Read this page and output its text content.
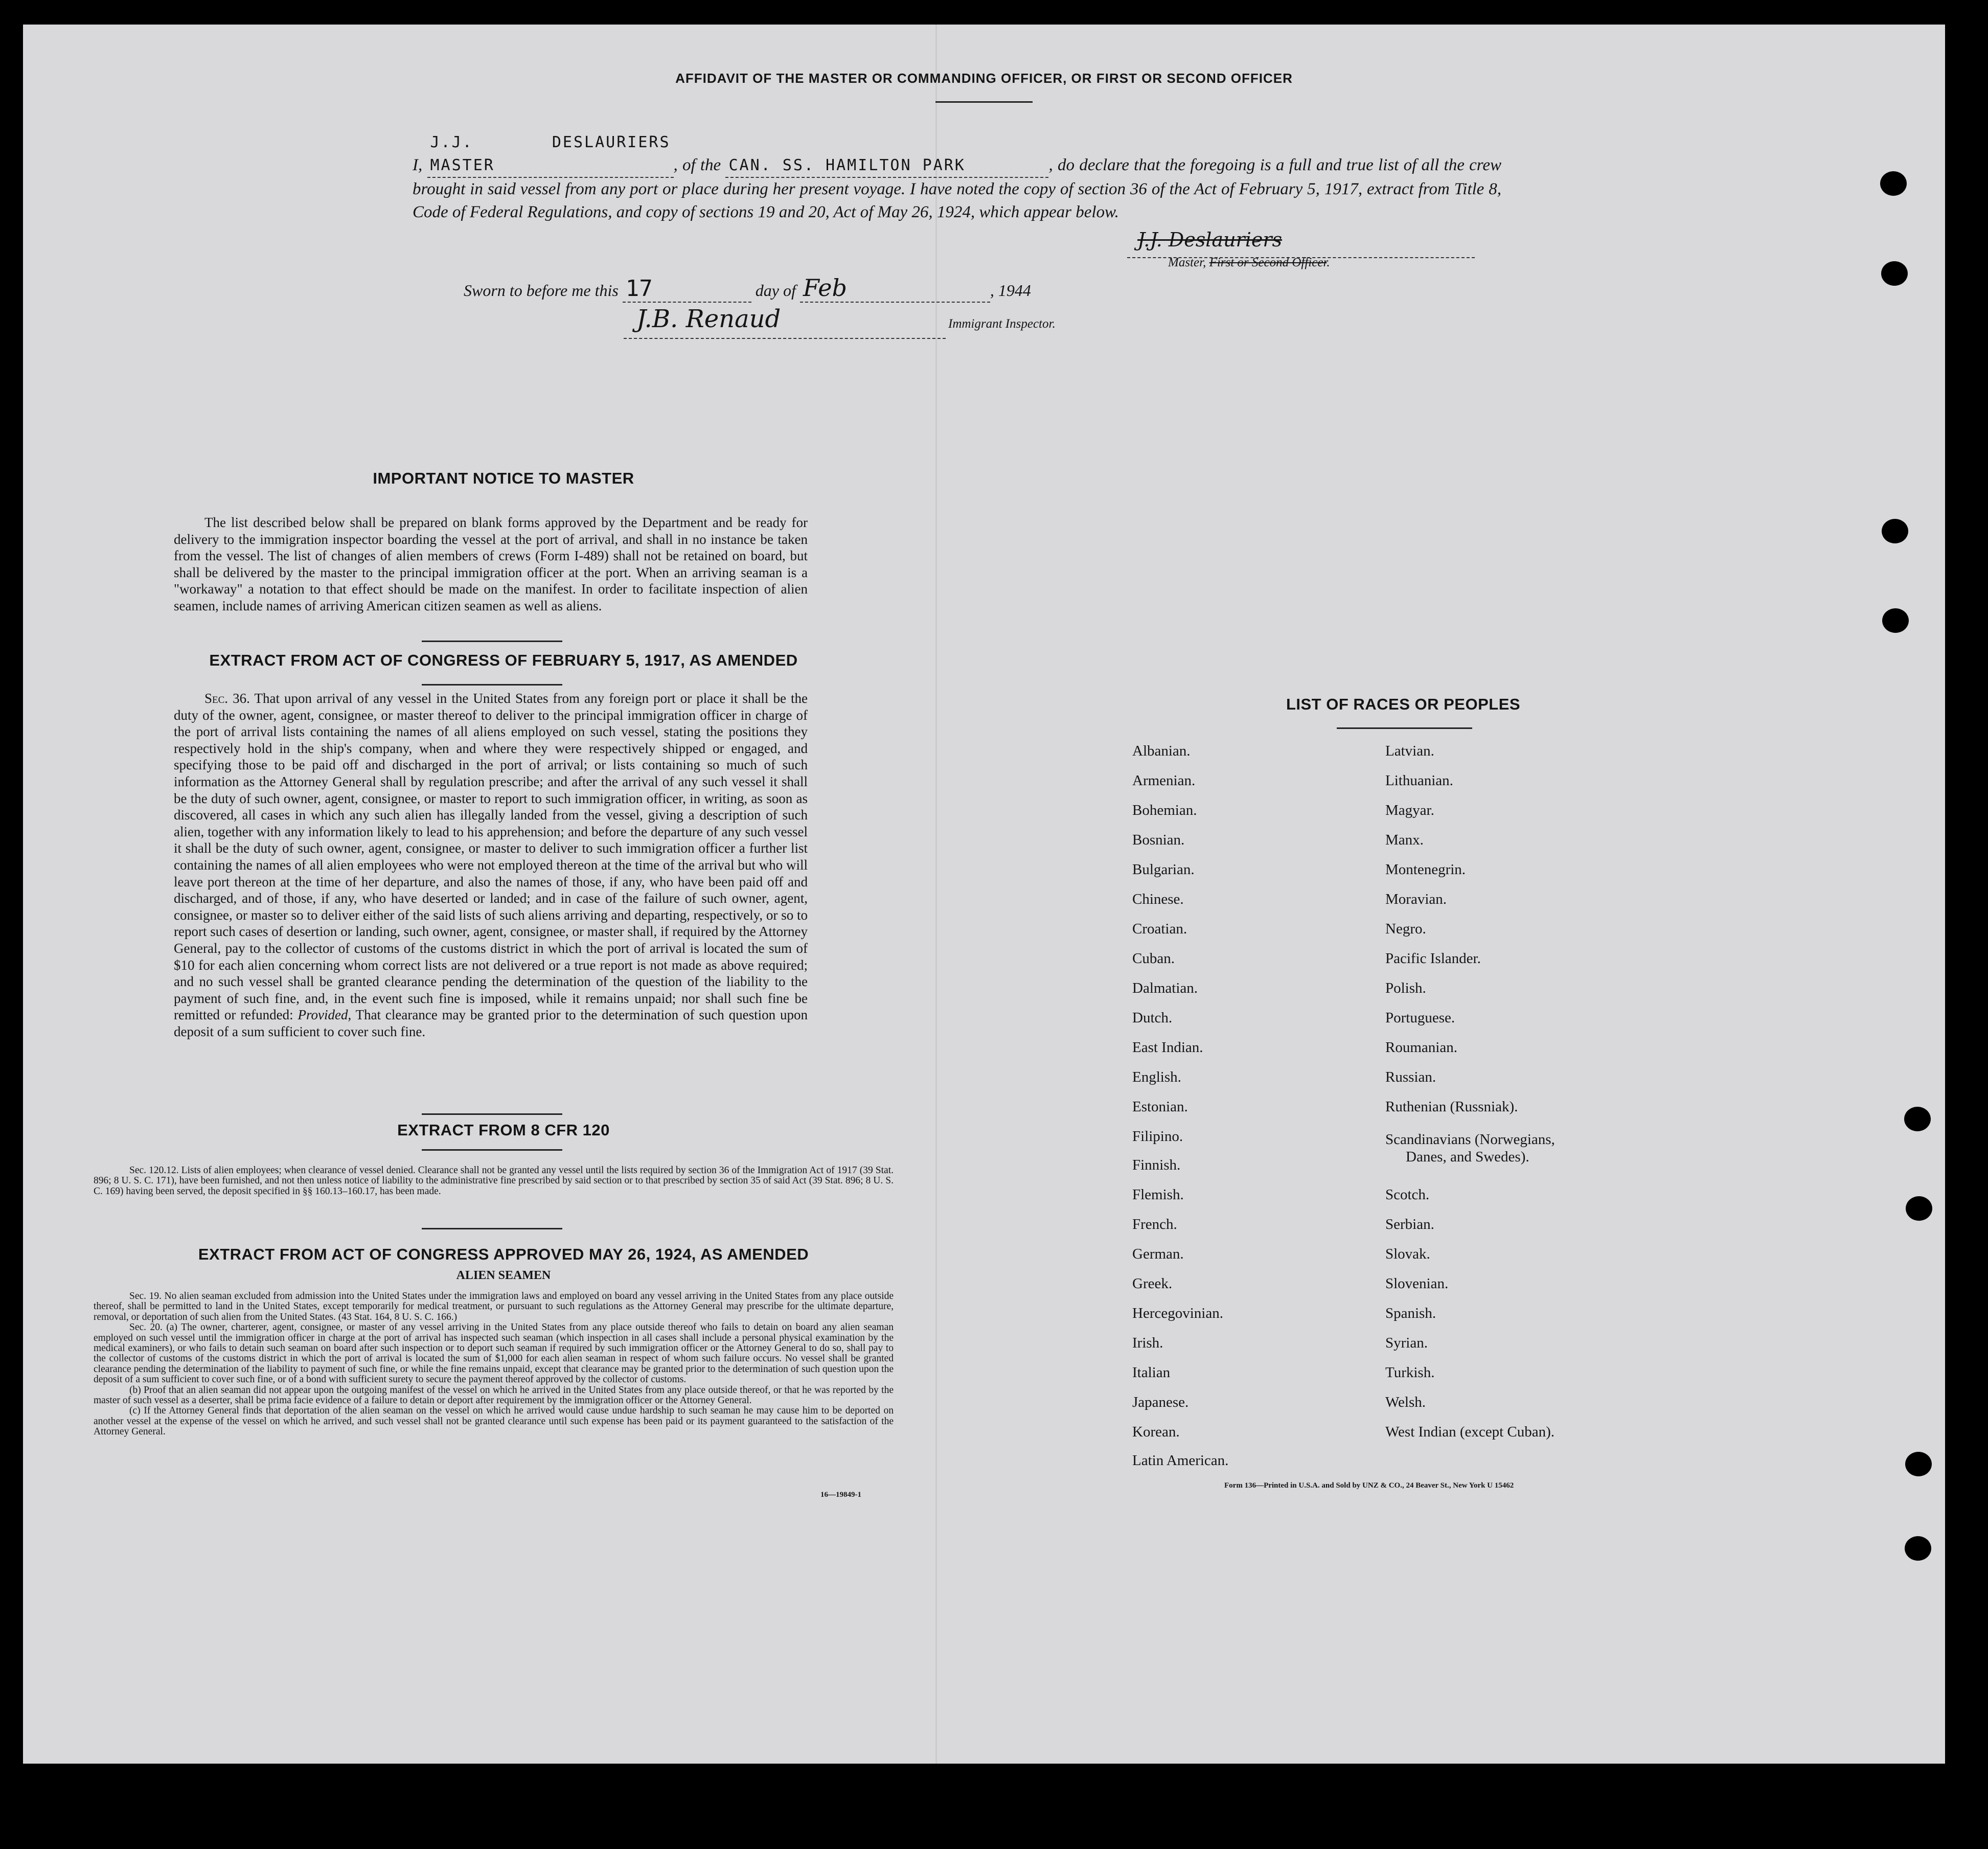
AFFIDAVIT OF THE MASTER OR COMMANDING OFFICER, OR FIRST OR SECOND OFFICER
I, J.J. DESLAURIERS MASTER	, of the CAN. SS. HAMILTON PARK	, do declare that the foregoing is a full and true list of all the crew brought in said vessel from any port or place during her present voyage. I have noted the copy of section 36 of the Act of February 5, 1917, extract from Title 8, Code of Federal Regulations, and copy of sections 19 and 20, Act of May 26, 1924, which appear below.
J.J. Deslauriers
Master, First or Second Officer.
Sworn to before me this 17	day of Feb	, 1944
J.B. Renaud	Immigrant Inspector.
IMPORTANT NOTICE TO MASTER
The list described below shall be prepared on blank forms approved by the Department and be ready for delivery to the immigration inspector boarding the vessel at the port of arrival, and shall in no instance be taken from the vessel. The list of changes of alien members of crews (Form I-489) shall not be retained on board, but shall be delivered by the master to the principal immigration officer at the port. When an arriving seaman is a "workaway" a notation to that effect should be made on the manifest. In order to facilitate inspection of alien seamen, include names of arriving American citizen seamen as well as aliens.
EXTRACT FROM ACT OF CONGRESS OF FEBRUARY 5, 1917, AS AMENDED
Sec. 36. That upon arrival of any vessel in the United States from any foreign port or place it shall be the duty of the owner, agent, consignee, or master thereof to deliver to the principal immigration officer in charge of the port of arrival lists containing the names of all aliens employed on such vessel, stating the positions they respectively hold in the ship's company, when and where they were respectively shipped or engaged, and specifying those to be paid off and discharged in the port of arrival; or lists containing so much of such information as the Attorney General shall by regulation prescribe; and after the arrival of any such vessel it shall be the duty of such owner, agent, consignee, or master to report to such immigration officer, in writing, as soon as discovered, all cases in which any such alien has illegally landed from the vessel, giving a description of such alien, together with any information likely to lead to his apprehension; and before the departure of any such vessel it shall be the duty of such owner, agent, consignee, or master to deliver to such immigration officer a further list containing the names of all alien employees who were not employed thereon at the time of the arrival but who will leave port thereon at the time of her departure, and also the names of those, if any, who have been paid off and discharged, and of those, if any, who have deserted or landed; and in case of the failure of such owner, agent, consignee, or master so to deliver either of the said lists of such aliens arriving and departing, respectively, or so to report such cases of desertion or landing, such owner, agent, consignee, or master shall, if required by the Attorney General, pay to the collector of customs of the customs district in which the port of arrival is located the sum of $10 for each alien concerning whom correct lists are not delivered or a true report is not made as above required; and no such vessel shall be granted clearance pending the determination of the question of the liability to the payment of such fine, and, in the event such fine is imposed, while it remains unpaid; nor shall such fine be remitted or refunded: Provided, That clearance may be granted prior to the determination of such question upon deposit of a sum sufficient to cover such fine.
EXTRACT FROM 8 CFR 120
Sec. 120.12. Lists of alien employees; when clearance of vessel denied. Clearance shall not be granted any vessel until the lists required by section 36 of the Immigration Act of 1917 (39 Stat. 896; 8 U. S. C. 171), have been furnished, and not then unless notice of liability to the administrative fine prescribed by said section or to that prescribed by section 35 of said Act (39 Stat. 896; 8 U. S. C. 169) having been served, the deposit specified in §§ 160.13–160.17, has been made.
EXTRACT FROM ACT OF CONGRESS APPROVED MAY 26, 1924, AS AMENDED
ALIEN SEAMEN
Sec. 19. No alien seaman excluded from admission into the United States under the immigration laws and employed on board any vessel arriving in the United States from any place outside thereof, shall be permitted to land in the United States, except temporarily for medical treatment, or pursuant to such regulations as the Attorney General may prescribe for the ultimate departure, removal, or deportation of such alien from the United States. (43 Stat. 164, 8 U. S. C. 166.)
Sec. 20. (a) The owner, charterer, agent, consignee, or master of any vessel arriving in the United States from any place outside thereof who fails to detain on board any alien seaman employed on such vessel until the immigration officer in charge at the port of arrival has inspected such seaman (which inspection in all cases shall include a personal physical examination by the medical examiners), or who fails to detain such seaman on board after such inspection or to deport such seaman if required by such immigration officer or the Attorney General to do so, shall pay to the collector of customs of the customs district in which the port of arrival is located the sum of $1,000 for each alien seaman in respect of whom such failure occurs. No vessel shall be granted clearance pending the determination of the liability to payment of such fine, or while the fine remains unpaid, except that clearance may be granted prior to the determination of such question upon the deposit of a sum sufficient to cover such fine, or of a bond with sufficient surety to secure the payment thereof approved by the collector of customs.
(b) Proof that an alien seaman did not appear upon the outgoing manifest of the vessel on which he arrived in the United States from any place outside thereof, or that he was reported by the master of such vessel as a deserter, shall be prima facie evidence of a failure to detain or deport after requirement by the immigration officer or the Attorney General.
(c) If the Attorney General finds that deportation of the alien seaman on the vessel on which he arrived would cause undue hardship to such seaman he may cause him to be deported on another vessel at the expense of the vessel on which he arrived, and such vessel shall not be granted clearance until such expense has been paid or its payment guaranteed to the satisfaction of the Attorney General.
16—19849-1
LIST OF RACES OR PEOPLES
Albanian.
Armenian.
Bohemian.
Bosnian.
Bulgarian.
Chinese.
Croatian.
Cuban.
Dalmatian.
Dutch.
East Indian.
English.
Estonian.
Filipino.
Finnish.
Flemish.
French.
German.
Greek.
Hercegovinian.
Irish.
Italian
Japanese.
Korean.
Latin American.
Latvian.
Lithuanian.
Magyar.
Manx.
Montenegrin.
Moravian.
Negro.
Pacific Islander.
Polish.
Portuguese.
Roumanian.
Russian.
Ruthenian (Russniak).
Scandinavians (Norwegians,
Danes, and Swedes).
Scotch.
Serbian.
Slovak.
Slovenian.
Spanish.
Syrian.
Turkish.
Welsh.
West Indian (except Cuban).
Form 136—Printed in U.S.A. and Sold by UNZ & CO., 24 Beaver St., New York U 15462
